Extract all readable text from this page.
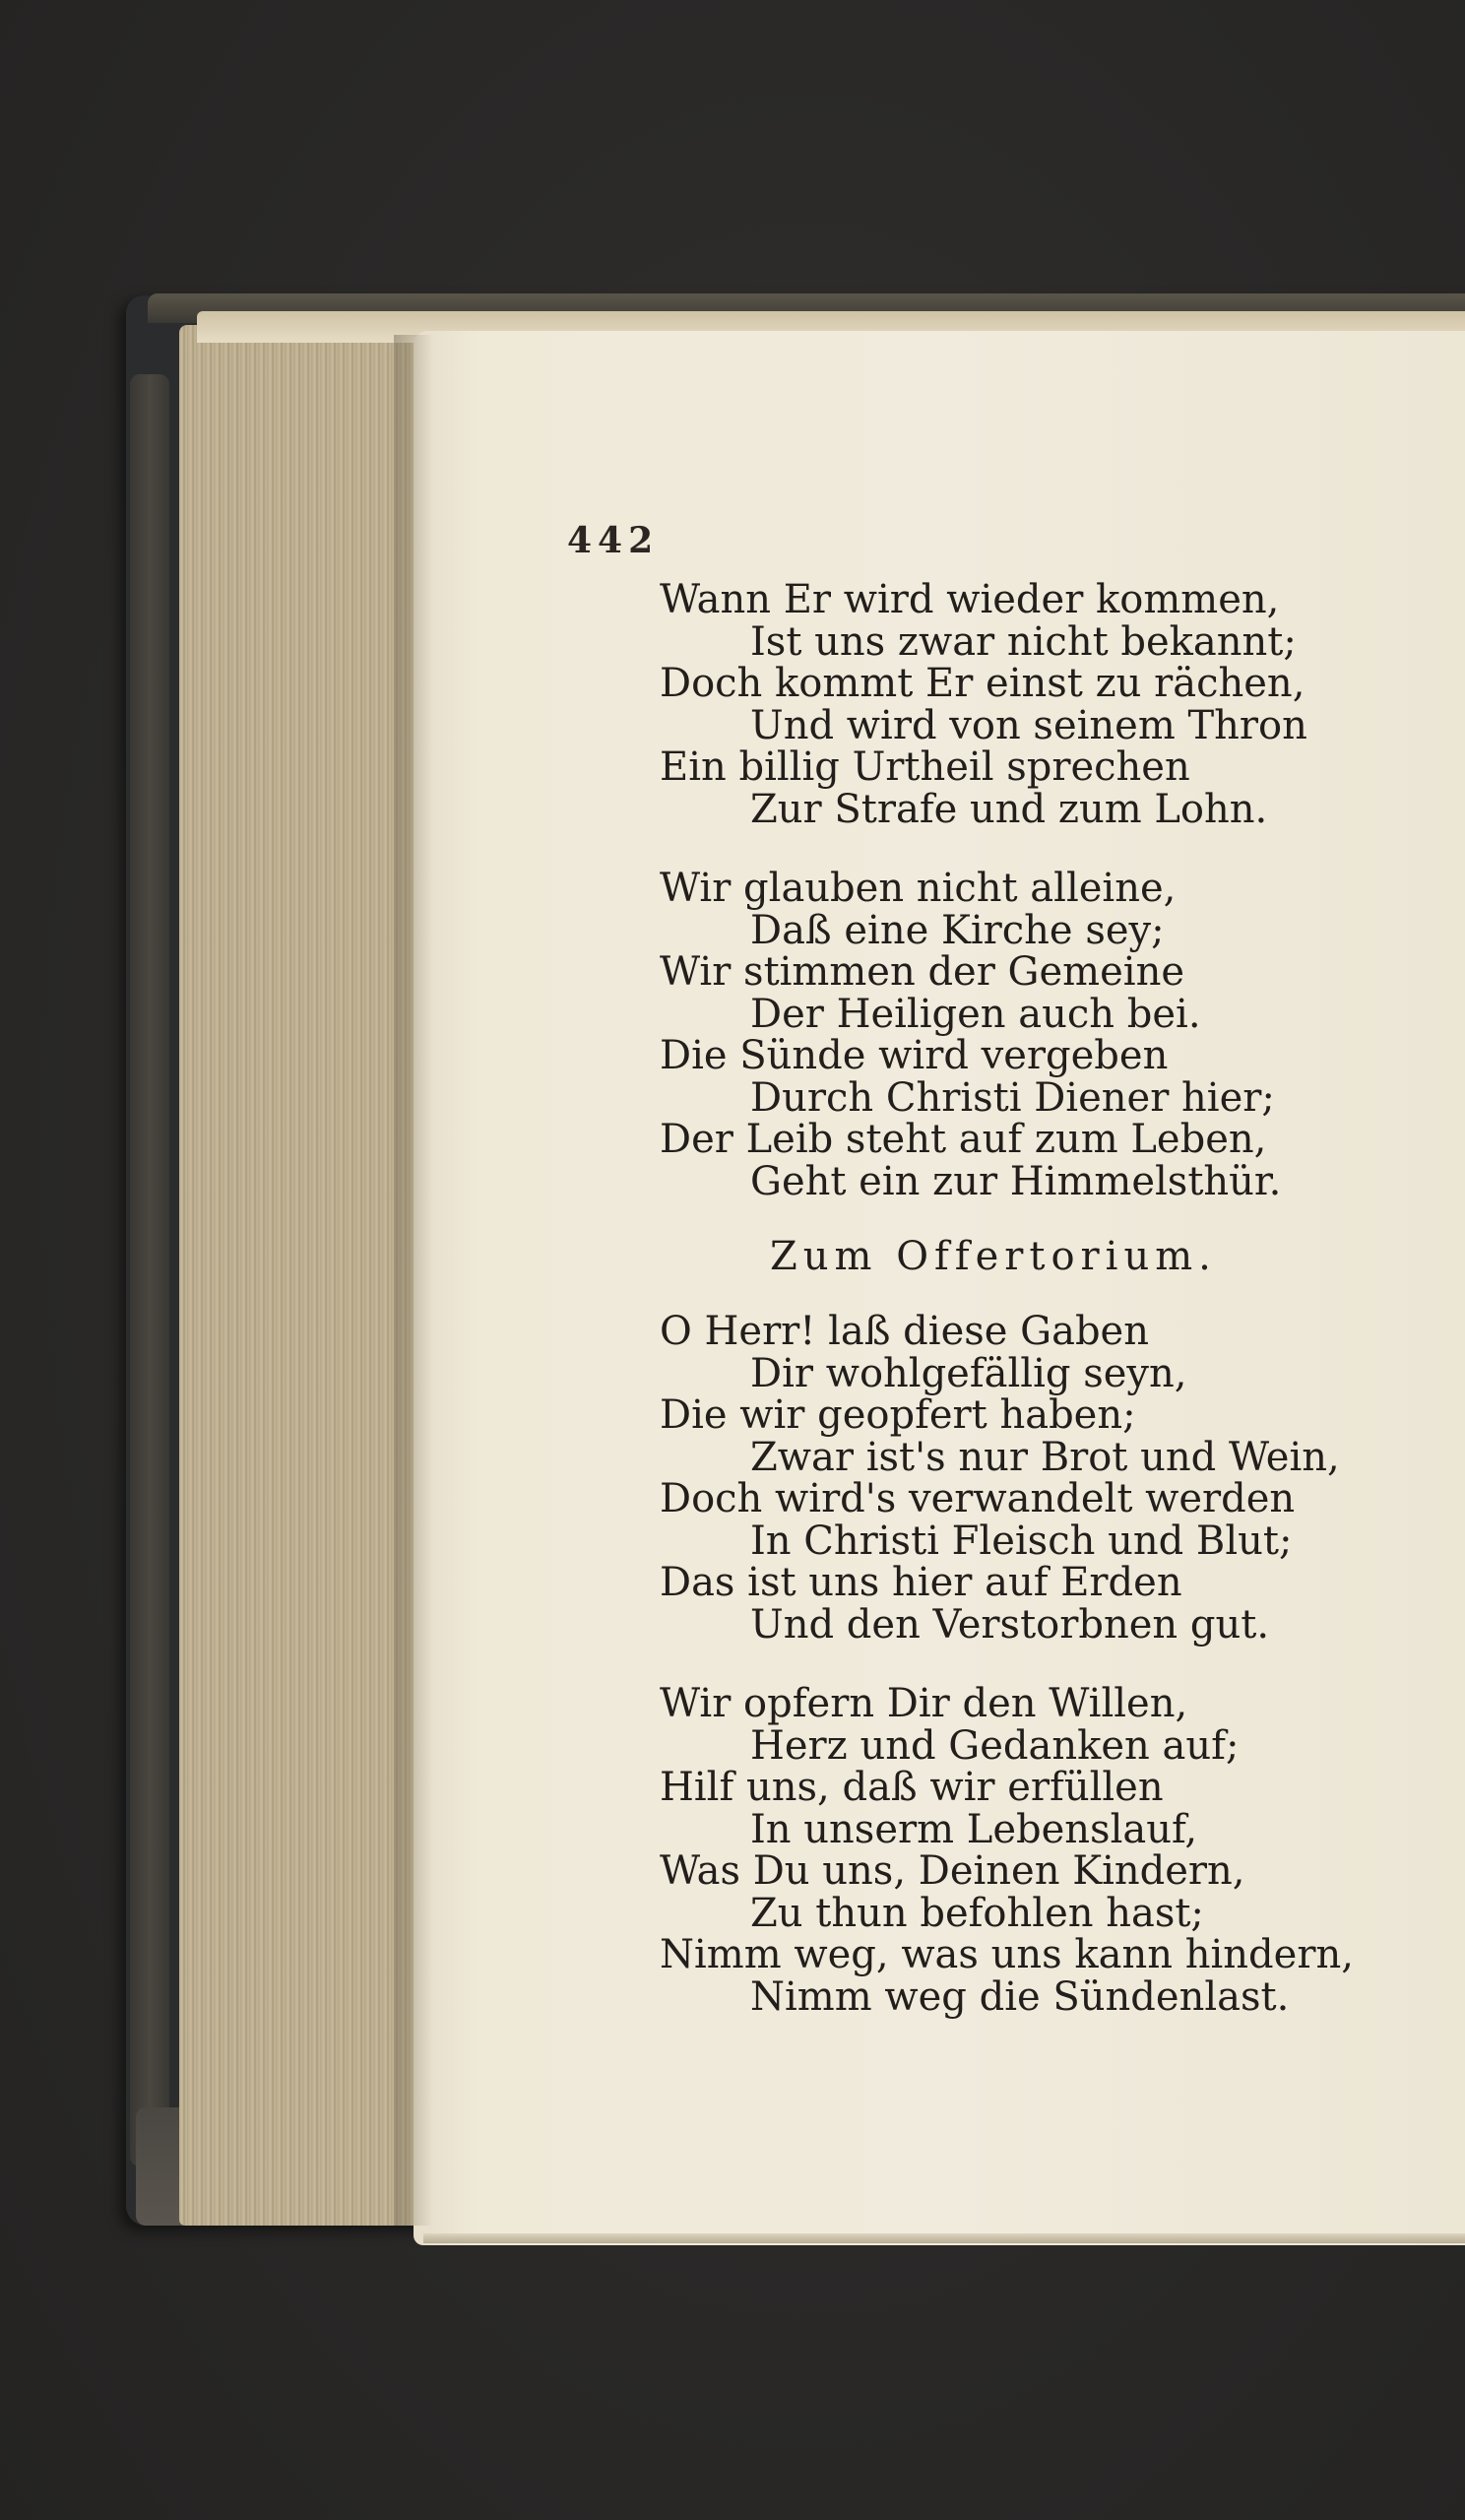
442
Wann Er wird wieder kommen,
Ist uns zwar nicht bekannt;
Doch kommt Er einst zu rächen,
Und wird von seinem Thron
Ein billig Urtheil sprechen
Zur Strafe und zum Lohn.
Wir glauben nicht alleine,
Daß eine Kirche sey;
Wir stimmen der Gemeine
Der Heiligen auch bei.
Die Sünde wird vergeben
Durch Christi Diener hier;
Der Leib steht auf zum Leben,
Geht ein zur Himmelsthür.
Zum Offertorium.
O Herr! laß diese Gaben
Dir wohlgefällig seyn,
Die wir geopfert haben;
Zwar ist's nur Brot und Wein,
Doch wird's verwandelt werden
In Christi Fleisch und Blut;
Das ist uns hier auf Erden
Und den Verstorbnen gut.
Wir opfern Dir den Willen,
Herz und Gedanken auf;
Hilf uns, daß wir erfüllen
In unserm Lebenslauf,
Was Du uns, Deinen Kindern,
Zu thun befohlen hast;
Nimm weg, was uns kann hindern,
Nimm weg die Sündenlast.
